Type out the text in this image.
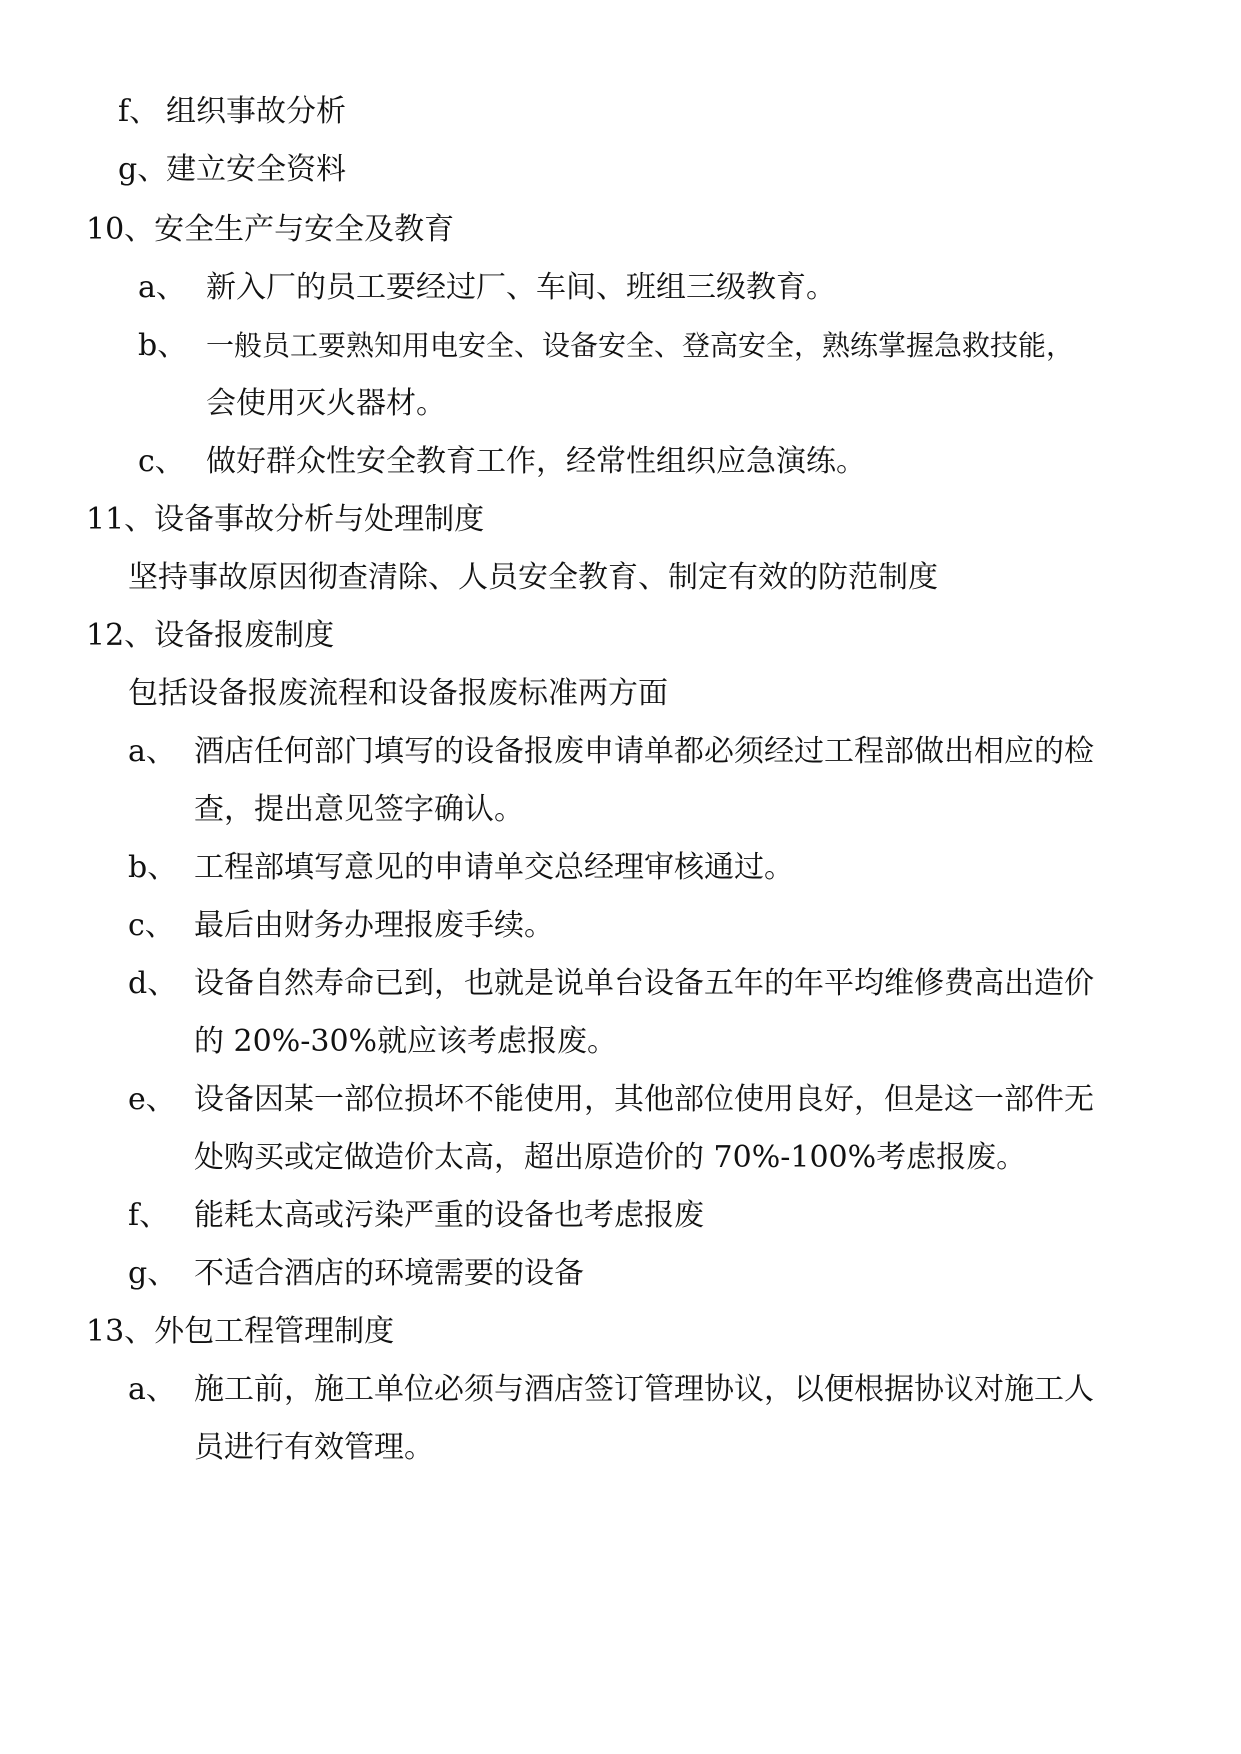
f、 组织事故分析
g、
建立安全资料
10、安全生产与安全及教育
a、 新入厂的员工要经过厂、车间、班组三级教育。
b、 一般员工要熟知用电安全、设备安全、登高安全，熟练掌握急救技能，
会使用灭火器材。
c、 做好群众性安全教育工作，经常性组织应急演练。
11、设备事故分析与处理制度
坚持事故原因彻查清除、人员安全教育、制定有效的防范制度
12、设备报废制度
包括设备报废流程和设备报废标准两方面
a、 酒店任何部门填写的设备报废申请单都必须经过工程部做出相应的检
查，提出意见签字确认。
b、 工程部填写意见的申请单交总经理审核通过。
c、 最后由财务办理报废手续。
d、 设备自然寿命已到，也就是说单台设备五年的年平均维修费高出造价
的 20%-30%就应该考虑报废。
e、 设备因某一部位损坏不能使用，其他部位使用良好，但是这一部件无
处购买或定做造价太高，超出原造价的 70%-100%考虑报废。
f、 能耗太高或污染严重的设备也考虑报废
g、 不适合酒店的环境需要的设备
13、外包工程管理制度
a、 施工前，施工单位必须与酒店签订管理协议，以便根据协议对施工人
员进行有效管理。
